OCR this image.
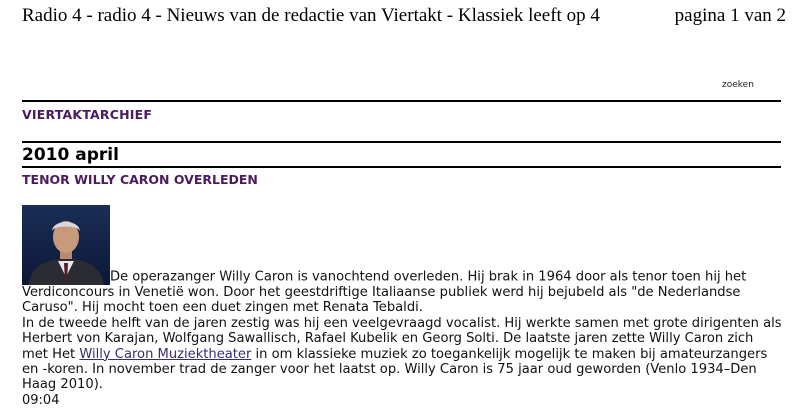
Radio 4 - radio 4 - Nieuws van de redactie van Viertakt - Klassiek leeft op 4	pagina 1 van 2
zoeken
VIERTAKTARCHIEF
2010 april
TENOR WILLY CARON OVERLEDEN

De operazanger Willy Caron is vanochtend overleden. Hij brak in 1964 door als tenor toen hij het Verdiconcours in Venetië won. Door het geestdriftige Italiaanse publiek werd hij bejubeld als "de Nederlandse Caruso". Hij mocht toen een duet zingen met Renata Tebaldi.

In de tweede helft van de jaren zestig was hij een veelgevraagd vocalist. Hij werkte samen met grote dirigenten als Herbert von Karajan, Wolfgang Sawallisch, Rafael Kubelik en Georg Solti. De laatste jaren zette Willy Caron zich met Het Willy Caron Muziektheater in om klassieke muziek zo toegankelijk mogelijk te maken bij amateurzangers en -koren. In november trad de zanger voor het laatst op. Willy Caron is 75 jaar oud geworden (Venlo 1934–Den Haag 2010).

09:04
